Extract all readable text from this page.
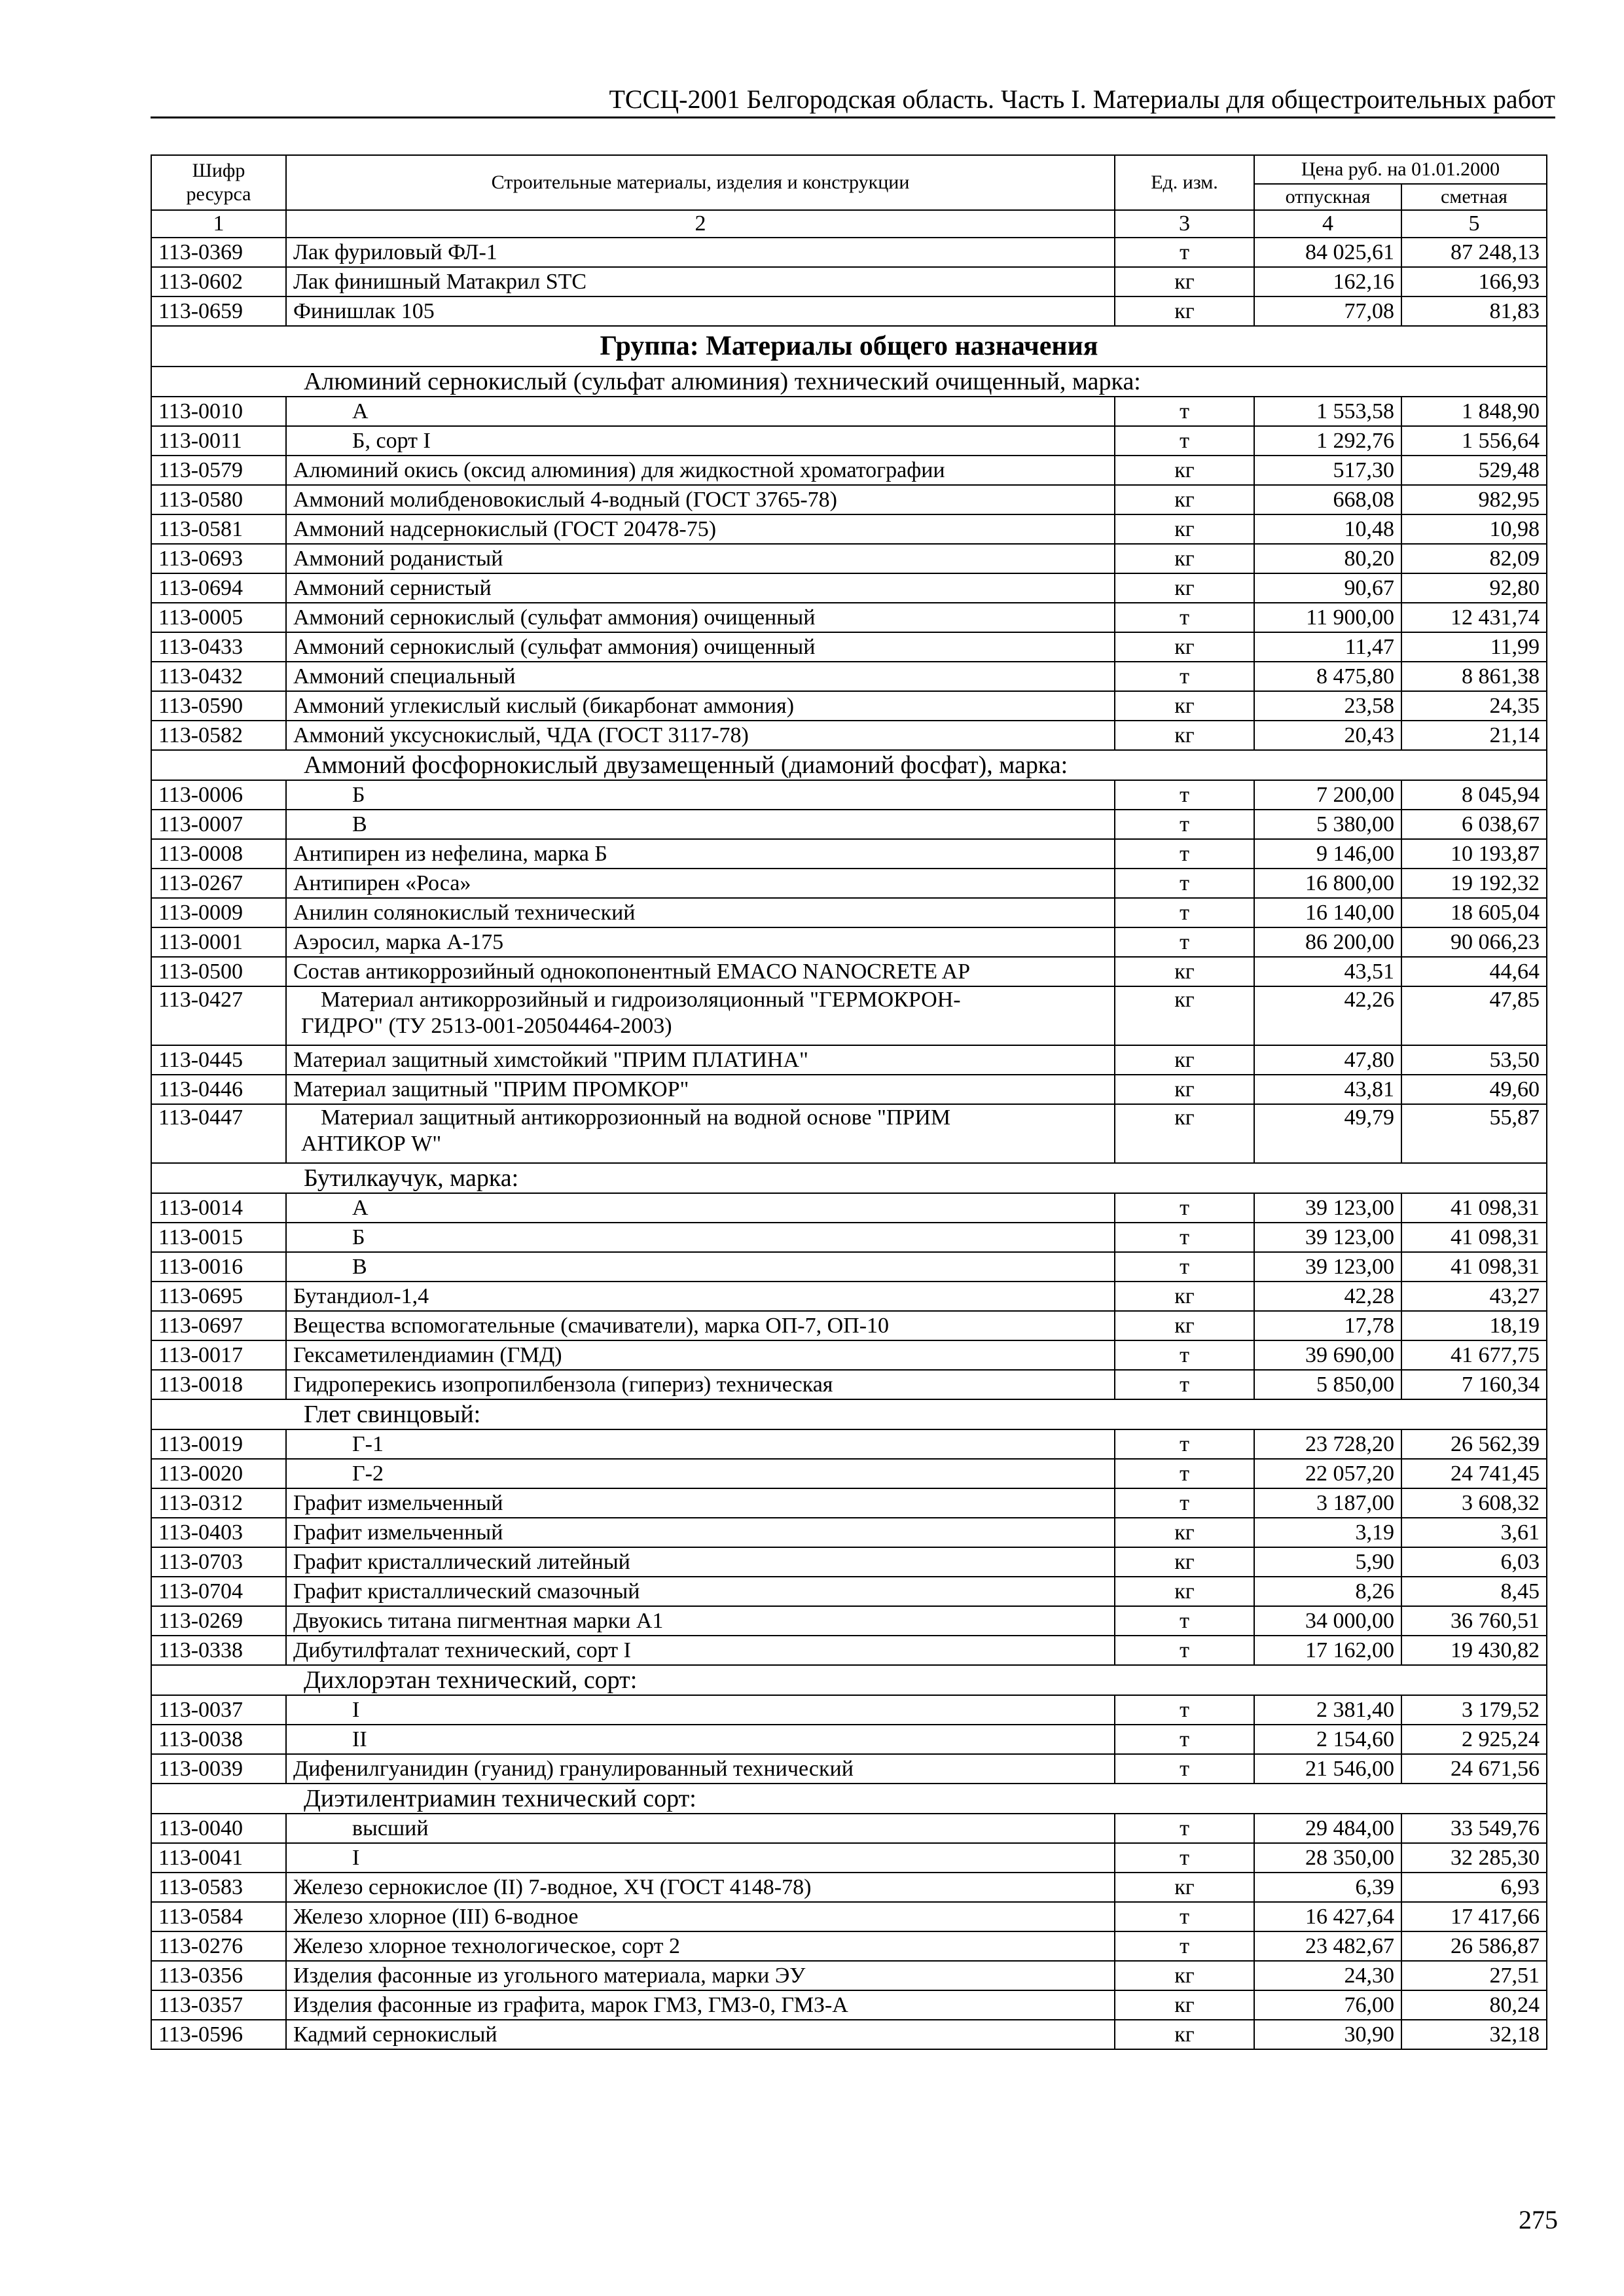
ТССЦ-2001 Белгородская область. Часть I. Материалы для общестроительных работ
Шифр ресурса	Строительные материалы, изделия и конструкции	Ед. изм.	Цена руб. на 01.01.2000	
			отпускная	сметная
1	2	3	4	5
113-0369	Лак фуриловый ФЛ-1	т	84 025,61	87 248,13
113-0602	Лак финишный Матакрил STC	кг	162,16	166,93
113-0659	Финишлак 105	кг	77,08	81,83
Группа: Материалы общего назначения				
Алюминий сернокислый (сульфат алюминия) технический очищенный, марка:				
113-0010	А	т	1 553,58	1 848,90
113-0011	Б, сорт I	т	1 292,76	1 556,64
113-0579	Алюминий окись (оксид алюминия) для жидкостной хроматографии	кг	517,30	529,48
113-0580	Аммоний молибденовокислый 4-водный (ГОСТ 3765-78)	кг	668,08	982,95
113-0581	Аммоний надсернокислый (ГОСТ 20478-75)	кг	10,48	10,98
113-0693	Аммоний роданистый	кг	80,20	82,09
113-0694	Аммоний сернистый	кг	90,67	92,80
113-0005	Аммоний сернокислый (сульфат аммония) очищенный	т	11 900,00	12 431,74
113-0433	Аммоний сернокислый (сульфат аммония) очищенный	кг	11,47	11,99
113-0432	Аммоний специальный	т	8 475,80	8 861,38
113-0590	Аммоний углекислый кислый (бикарбонат аммония)	кг	23,58	24,35
113-0582	Аммоний уксуснокислый, ЧДА (ГОСТ 3117-78)	кг	20,43	21,14
Аммоний фосфорнокислый двузамещенный (диамоний фосфат), марка:				
113-0006	Б	т	7 200,00	8 045,94
113-0007	В	т	5 380,00	6 038,67
113-0008	Антипирен из нефелина, марка Б	т	9 146,00	10 193,87
113-0267	Антипирен «Роса»	т	16 800,00	19 192,32
113-0009	Анилин солянокислый технический	т	16 140,00	18 605,04
113-0001	Аэросил, марка А-175	т	86 200,00	90 066,23
113-0500	Состав антикоррозийный однокопонентный EMACO NANOCRETE AP	кг	43,51	44,64
113-0427	Материал антикоррозийный и гидроизоляционный "ГЕРМОКРОН-
ГИДРО" (ТУ 2513-001-20504464-2003)	кг	42,26	47,85
113-0445	Материал защитный химстойкий "ПРИМ ПЛАТИНА"	кг	47,80	53,50
113-0446	Материал защитный "ПРИМ ПРОМКОР"	кг	43,81	49,60
113-0447	Материал защитный антикоррозионный на водной основе "ПРИМ
АНТИКОР W"	кг	49,79	55,87
Бутилкаучук, марка:				
113-0014	А	т	39 123,00	41 098,31
113-0015	Б	т	39 123,00	41 098,31
113-0016	В	т	39 123,00	41 098,31
113-0695	Бутандиол-1,4	кг	42,28	43,27
113-0697	Вещества вспомогательные (смачиватели), марка ОП-7, ОП-10	кг	17,78	18,19
113-0017	Гексаметилендиамин (ГМД)	т	39 690,00	41 677,75
113-0018	Гидроперекись изопропилбензола (гипериз) техническая	т	5 850,00	7 160,34
Глет свинцовый:				
113-0019	Г-1	т	23 728,20	26 562,39
113-0020	Г-2	т	22 057,20	24 741,45
113-0312	Графит измельченный	т	3 187,00	3 608,32
113-0403	Графит измельченный	кг	3,19	3,61
113-0703	Графит кристаллический литейный	кг	5,90	6,03
113-0704	Графит кристаллический смазочный	кг	8,26	8,45
113-0269	Двуокись титана пигментная марки А1	т	34 000,00	36 760,51
113-0338	Дибутилфталат технический, сорт I	т	17 162,00	19 430,82
Дихлорэтан технический, сорт:				
113-0037	I	т	2 381,40	3 179,52
113-0038	II	т	2 154,60	2 925,24
113-0039	Дифенилгуанидин (гуанид) гранулированный технический	т	21 546,00	24 671,56
Диэтилентриамин технический сорт:				
113-0040	высший	т	29 484,00	33 549,76
113-0041	I	т	28 350,00	32 285,30
113-0583	Железо сернокислое (II) 7-водное, ХЧ (ГОСТ 4148-78)	кг	6,39	6,93
113-0584	Железо хлорное (III) 6-водное	т	16 427,64	17 417,66
113-0276	Железо хлорное технологическое, сорт 2	т	23 482,67	26 586,87
113-0356	Изделия фасонные из угольного материала, марки ЭУ	кг	24,30	27,51
113-0357	Изделия фасонные из графита, марок ГМЗ, ГМЗ-0, ГМЗ-А	кг	76,00	80,24
113-0596	Кадмий сернокислый	кг	30,90	32,18
275
